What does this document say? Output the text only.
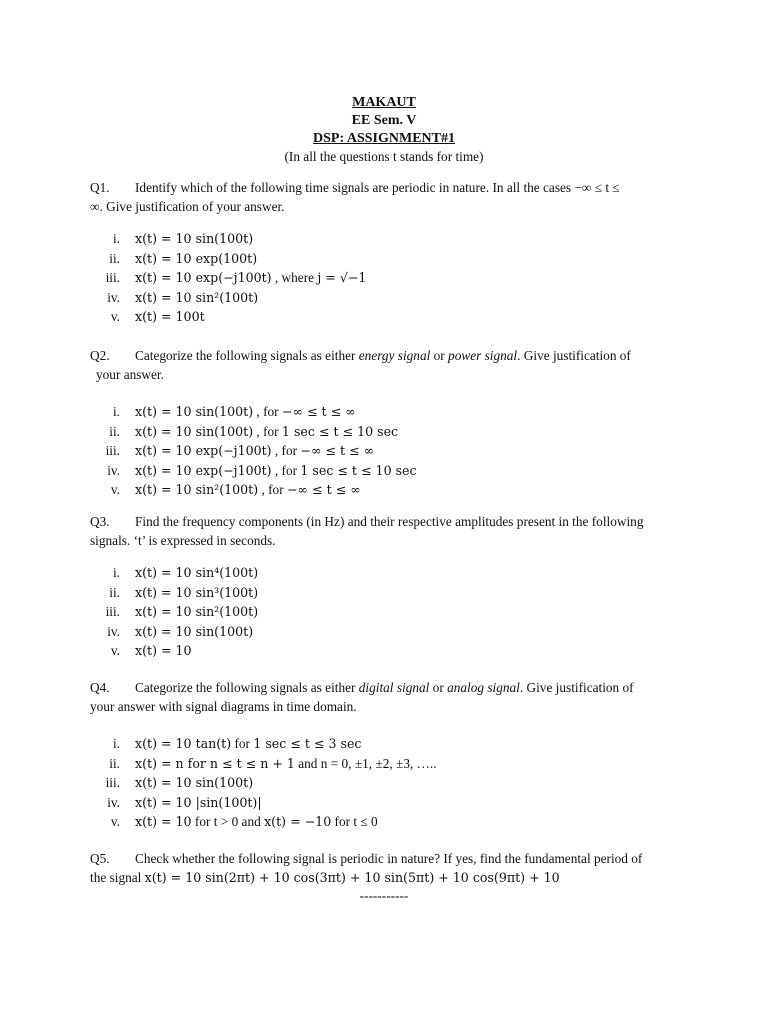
MAKAUT
EE Sem. V
DSP: ASSIGNMENT#1
(In all the questions t stands for time)
Q1. Identify which of the following time signals are periodic in nature. In all the cases −∞ ≤ t ≤
∞. Give justification of your answer.
i. x(t) = 10 sin(100t)
ii. x(t) = 10 exp(100t)
iii. x(t) = 10 exp(−j100t) , where j = √−1
iv. x(t) = 10 sin²(100t)
v. x(t) = 100t
Q2. Categorize the following signals as either energy signal or power signal. Give justification of
your answer.
i. x(t) = 10 sin(100t) , for −∞ ≤ t ≤ ∞
ii. x(t) = 10 sin(100t) , for 1 sec ≤ t ≤ 10 sec
iii. x(t) = 10 exp(−j100t) , for −∞ ≤ t ≤ ∞
iv. x(t) = 10 exp(−j100t) , for 1 sec ≤ t ≤ 10 sec
v. x(t) = 10 sin²(100t) , for −∞ ≤ t ≤ ∞
Q3. Find the frequency components (in Hz) and their respective amplitudes present in the following
signals. ‘t’ is expressed in seconds.
i. x(t) = 10 sin⁴(100t)
ii. x(t) = 10 sin³(100t)
iii. x(t) = 10 sin²(100t)
iv. x(t) = 10 sin(100t)
v. x(t) = 10
Q4. Categorize the following signals as either digital signal or analog signal. Give justification of
your answer with signal diagrams in time domain.
i. x(t) = 10 tan(t) for 1 sec ≤ t ≤ 3 sec
ii. x(t) = n for n ≤ t ≤ n + 1 and n = 0, ±1, ±2, ±3, …..
iii. x(t) = 10 sin(100t)
iv. x(t) = 10 |sin(100t)|
v. x(t) = 10 for t > 0 and x(t) = −10 for t ≤ 0
Q5. Check whether the following signal is periodic in nature? If yes, find the fundamental period of
the signal x(t) = 10 sin(2πt) + 10 cos(3πt) + 10 sin(5πt) + 10 cos(9πt) + 10
-----------
